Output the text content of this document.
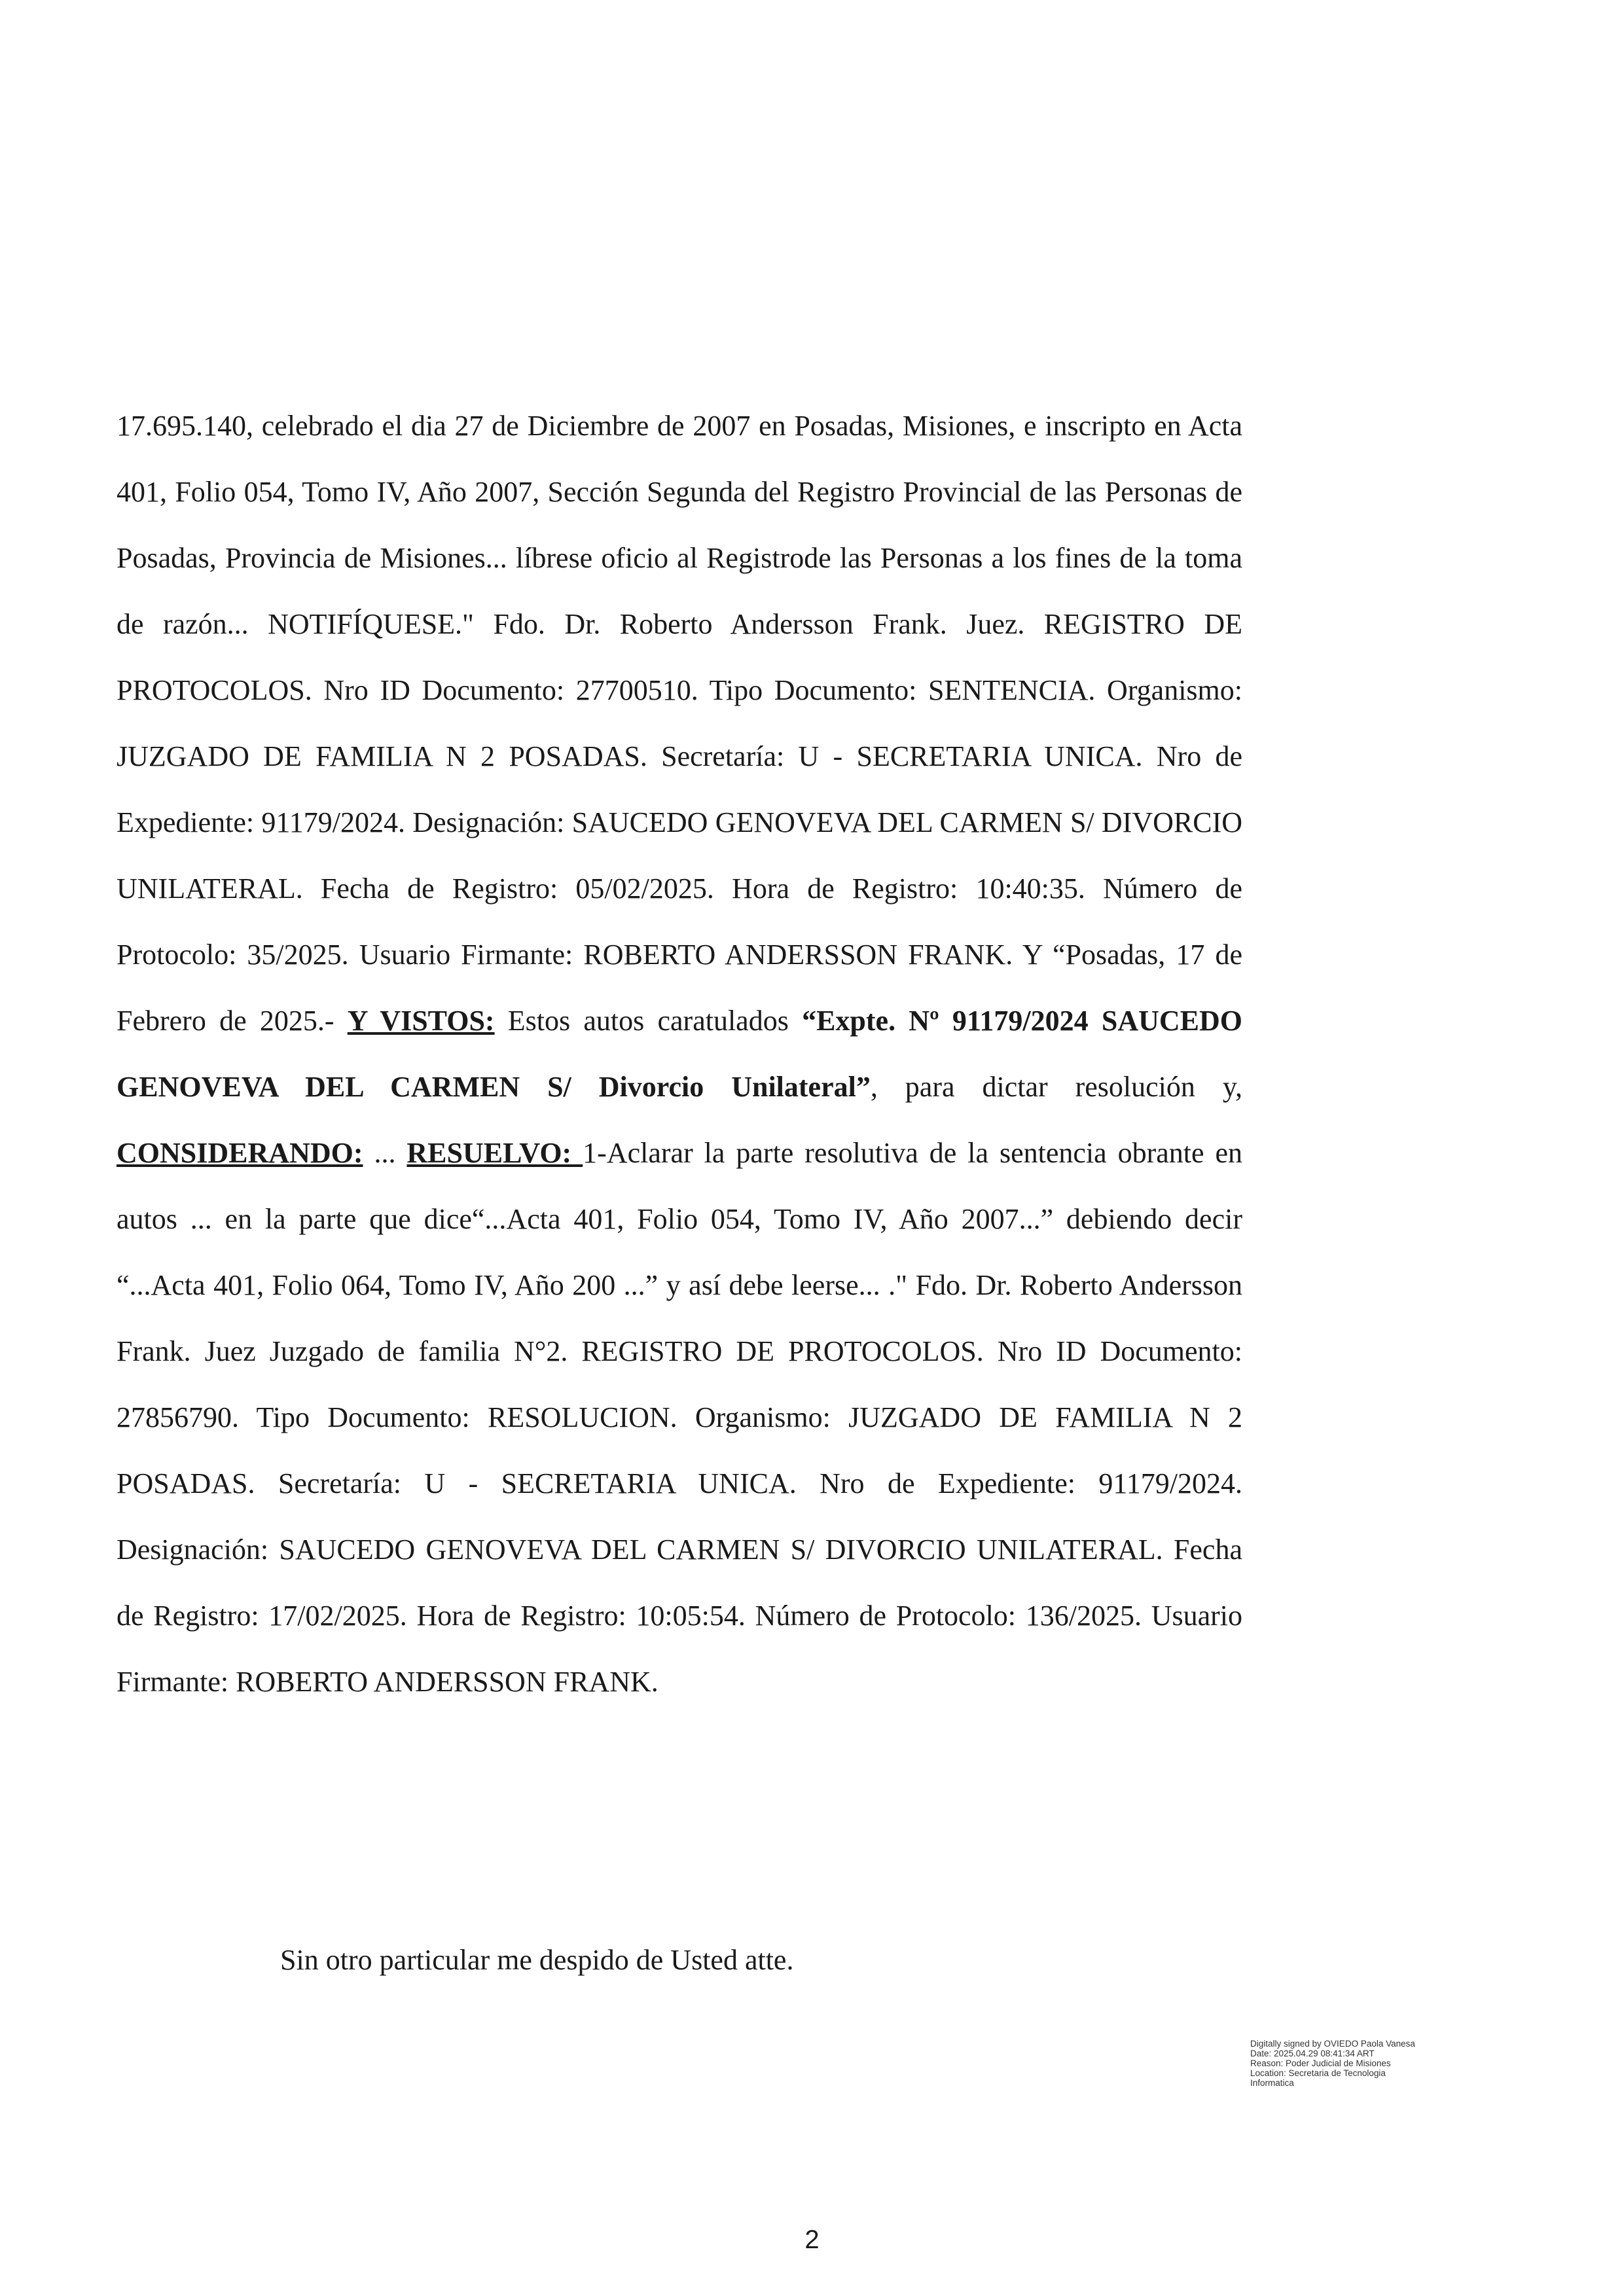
17.695.140, celebrado el dia 27 de Diciembre de 2007 en Posadas, Misiones, e inscripto en Acta 401, Folio 054, Tomo IV, Año 2007, Sección Segunda del Registro Provincial de las Personas de Posadas, Provincia de Misiones... líbrese oficio al Registrode las Personas a los fines de la toma de razón... NOTIFÍQUESE." Fdo. Dr. Roberto Andersson Frank. Juez. REGISTRO DE PROTOCOLOS. Nro ID Documento: 27700510. Tipo Documento: SENTENCIA. Organismo: JUZGADO DE FAMILIA N 2 POSADAS. Secretaría: U - SECRETARIA UNICA. Nro de Expediente: 91179/2024. Designación: SAUCEDO GENOVEVA DEL CARMEN S/ DIVORCIO UNILATERAL. Fecha de Registro: 05/02/2025. Hora de Registro: 10:40:35. Número de Protocolo: 35/2025. Usuario Firmante: ROBERTO ANDERSSON FRANK. Y “Posadas, 17 de Febrero de 2025.- Y VISTOS: Estos autos caratulados “Expte. Nº 91179/2024 SAUCEDO GENOVEVA DEL CARMEN S/ Divorcio Unilateral”, para dictar resolución y, CONSIDERANDO: ... RESUELVO: 1-Aclarar la parte resolutiva de la sentencia obrante en autos ... en la parte que dice“...Acta 401, Folio 054, Tomo IV, Año 2007...” debiendo decir “...Acta 401, Folio 064, Tomo IV, Año 200 ...” y así debe leerse... ." Fdo. Dr. Roberto Andersson Frank. Juez Juzgado de familia N°2. REGISTRO DE PROTOCOLOS. Nro ID Documento: 27856790. Tipo Documento: RESOLUCION. Organismo: JUZGADO DE FAMILIA N 2 POSADAS. Secretaría: U - SECRETARIA UNICA. Nro de Expediente: 91179/2024. Designación: SAUCEDO GENOVEVA DEL CARMEN S/ DIVORCIO UNILATERAL. Fecha de Registro: 17/02/2025. Hora de Registro: 10:05:54. Número de Protocolo: 136/2025. Usuario Firmante: ROBERTO ANDERSSON FRANK.

Sin otro particular me despido de Usted atte.

Digitally signed by OVIEDO Paola Vanesa
Date: 2025.04.29 08:41:34 ART
Reason: Poder Judicial de Misiones
Location: Secretaria de Tecnologia
Informatica
2
